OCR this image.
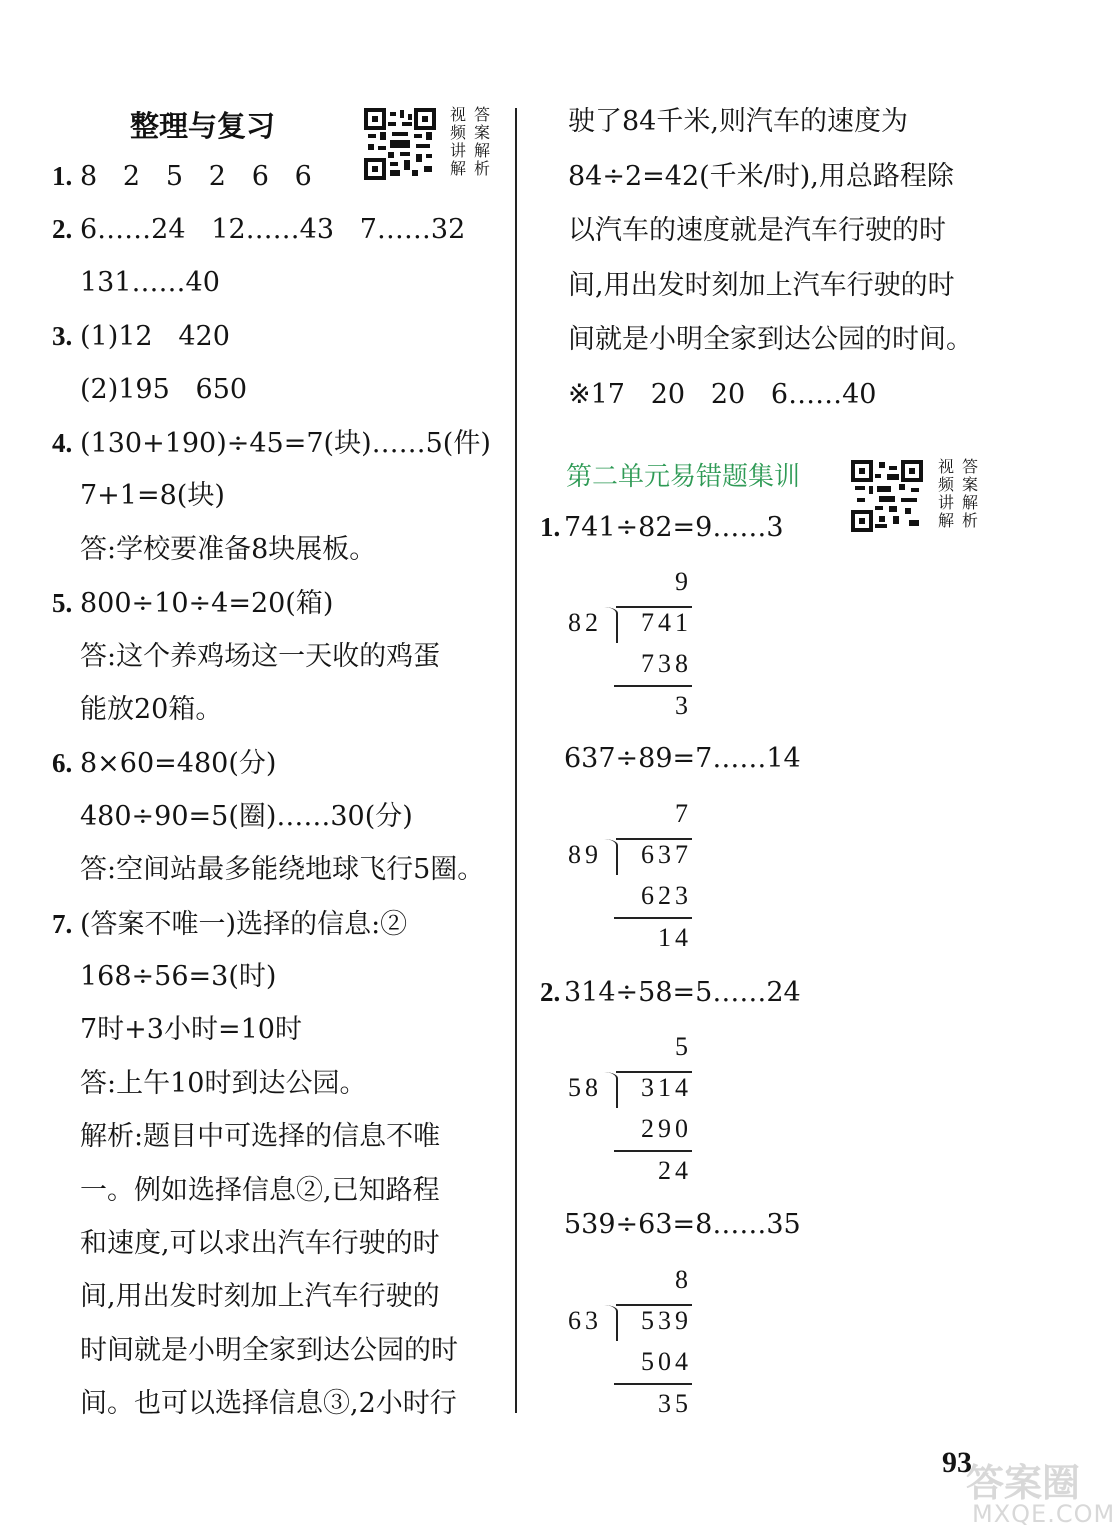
整理与复习	视 答
频 案
讲 解
解 析
1. 8   2   5   2   6   6
2. 6……24   12……43   7……32
131……40
3. (1)12   420
(2)195   650
4. (130+190)÷45=7(块)……5(件)
7+1=8(块)
答:学校要准备8块展板。
5. 800÷10÷4=20(箱)
答:这个养鸡场这一天收的鸡蛋
能放20箱。
6. 8×60=480(分)
480÷90=5(圈)……30(分)
答:空间站最多能绕地球飞行5圈。
7. (答案不唯一)选择的信息:②
168÷56=3(时)
7时+3小时=10时
答:上午10时到达公园。
解析:题目中可选择的信息不唯
一。例如选择信息②,已知路程
和速度,可以求出汽车行驶的时
间,用出发时刻加上汽车行驶的
时间就是小明全家到达公园的时
间。也可以选择信息③,2小时行
驶了84千米,则汽车的速度为
84÷2=42(千米/时),用总路程除
以汽车的速度就是汽车行驶的时
间,用出发时刻加上汽车行驶的时
间就是小明全家到达公园的时间。
※17   20   20   6……40
第二单元易错题集训	视 答
频 案
讲 解
解 析
1. 741÷82=9……3
9
82 741
738
3
637÷89=7……14
7
89 637
623
14
2. 314÷58=5……24
5
58 314
290
24
539÷63=8……35
8
63 539
504
35
93
答案圈
MXQE.COM
